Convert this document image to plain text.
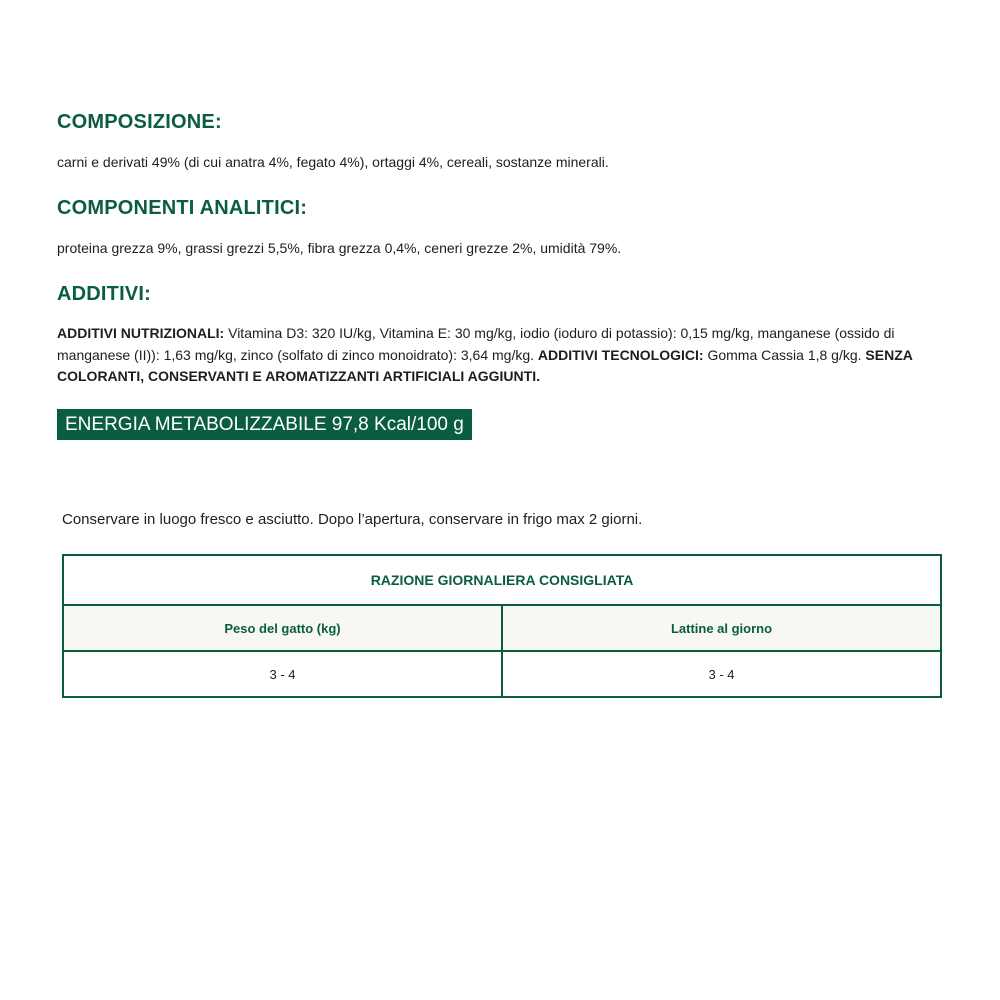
COMPOSIZIONE:

carni e derivati 49% (di cui anatra 4%, fegato 4%), ortaggi 4%, cereali, sostanze minerali.

COMPONENTI ANALITICI:

proteina grezza 9%, grassi grezzi 5,5%, fibra grezza 0,4%, ceneri grezze 2%, umidità 79%.

ADDITIVI:

ADDITIVI NUTRIZIONALI: Vitamina D3: 320 IU/kg, Vitamina E: 30 mg/kg, iodio (ioduro di potassio): 0,15 mg/kg, manganese (ossido di manganese (II)): 1,63 mg/kg, zinco (solfato di zinco monoidrato): 3,64 mg/kg. ADDITIVI TECNOLOGICI: Gomma Cassia 1,8 g/kg. SENZA COLORANTI, CONSERVANTI E AROMATIZZANTI ARTIFICIALI AGGIUNTI.

ENERGIA METABOLIZZABILE 97,8 Kcal/100 g

Conservare in luogo fresco e asciutto. Dopo l’apertura, conservare in frigo max 2 giorni.

RAZIONE GIORNALIERA CONSIGLIATA	
Peso del gatto (kg)	Lattine al giorno
3 - 4	3 - 4
